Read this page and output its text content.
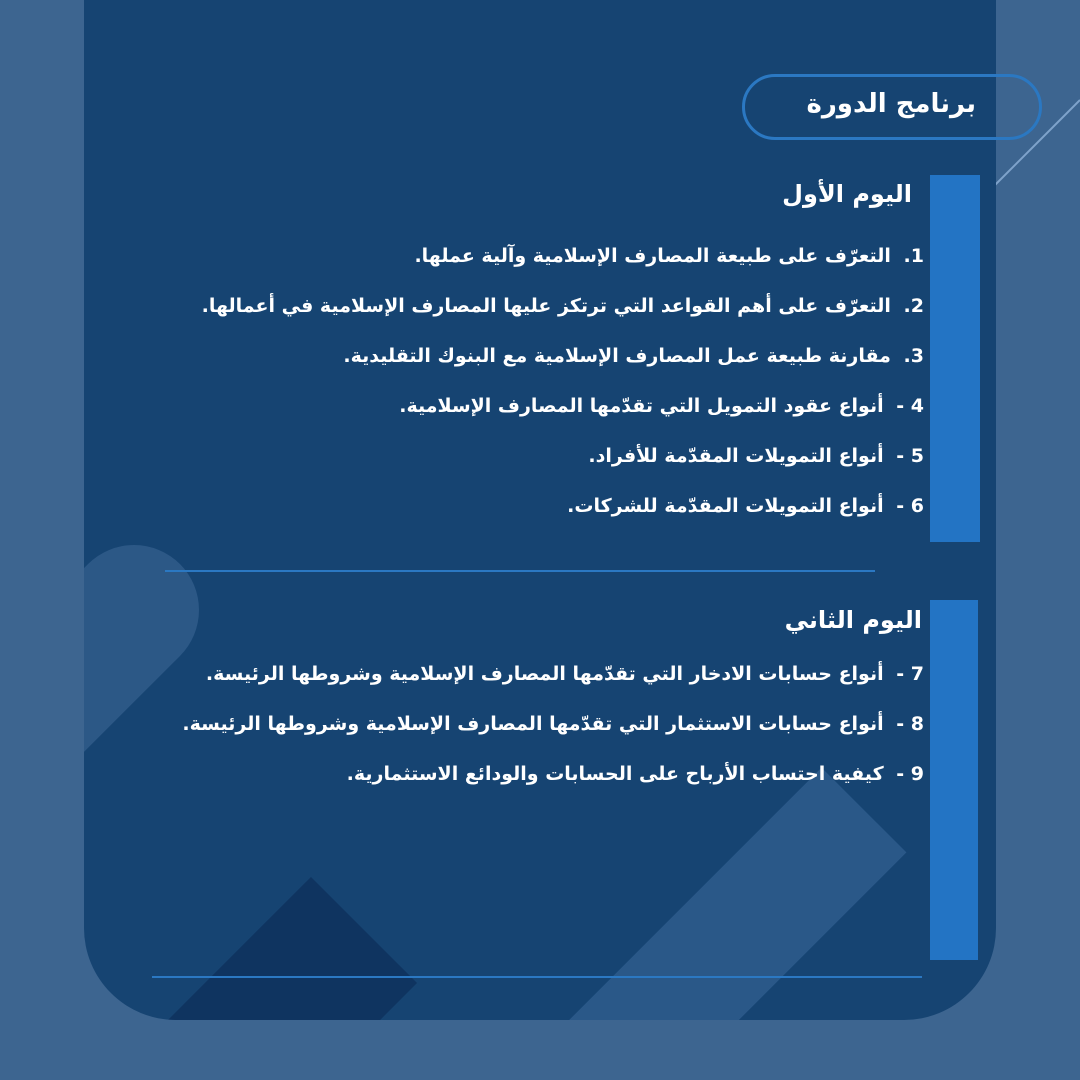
برنامج الدورة
اليوم الأول
1. التعرّف على طبيعة المصارف الإسلامية وآلية عملها.
2. التعرّف على أهم القواعد التي ترتكز عليها المصارف الإسلامية في أعمالها.
3. مقارنة طبيعة عمل المصارف الإسلامية مع البنوك التقليدية.
4 - أنواع عقود التمويل التي تقدّمها المصارف الإسلامية.
5 - أنواع التمويلات المقدّمة للأفراد.
6 - أنواع التمويلات المقدّمة للشركات.
اليوم الثاني
7 - أنواع حسابات الادخار التي تقدّمها المصارف الإسلامية وشروطها الرئيسة.
8 - أنواع حسابات الاستثمار التي تقدّمها المصارف الإسلامية وشروطها الرئيسة.
9 - كيفية احتساب الأرباح على الحسابات والودائع الاستثمارية.
